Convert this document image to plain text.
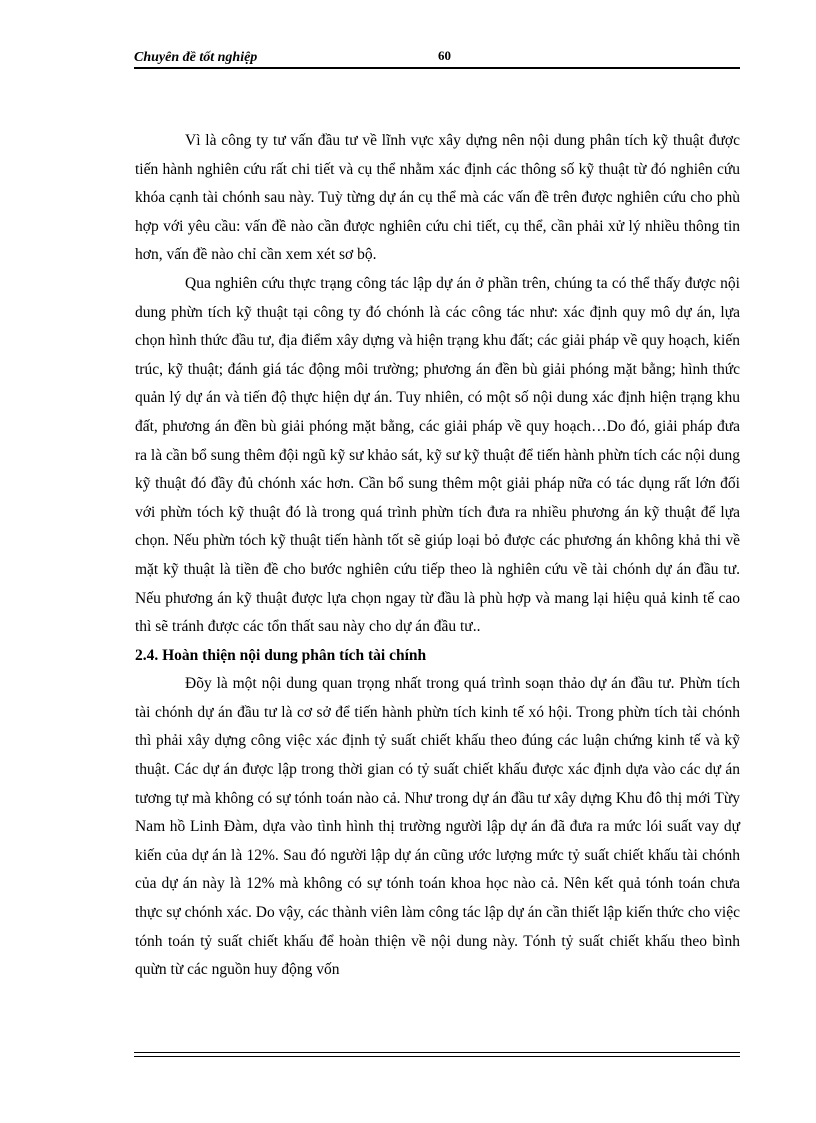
Chuyên đề tốt nghiệp	60

Vì là công ty tư vấn đầu tư về lĩnh vực xây dựng nên nội dung phân tích kỹ thuật được tiến hành nghiên cứu rất chi tiết và cụ thể nhằm xác định các thông số kỹ thuật từ đó nghiên cứu khóa cạnh tài chónh sau này. Tuỳ từng dự án cụ thể mà các vấn đề trên được nghiên cứu cho phù hợp với yêu cầu: vấn đề nào cần được nghiên cứu chi tiết, cụ thể, cần phải xử lý nhiều thông tin hơn, vấn đề nào chỉ cần xem xét sơ bộ.

Qua nghiên cứu thực trạng công tác lập dự án ở phần trên, chúng ta có thể thấy được nội dung phừn tích kỹ thuật tại công ty đó chónh là các công tác như: xác định quy mô dự án, lựa chọn hình thức đầu tư, địa điểm xây dựng và hiện trạng khu đất; các giải pháp về quy hoạch, kiến trúc, kỹ thuật; đánh giá tác động môi trường; phương án đền bù giải phóng mặt bằng; hình thức quản lý dự án và tiến độ thực hiện dự án. Tuy nhiên, có một số nội dung xác định hiện trạng khu đất, phương án đền bù giải phóng mặt bằng, các giải pháp về quy hoạch…Do đó, giải pháp đưa ra là cần bổ sung thêm đội ngũ kỹ sư khảo sát, kỹ sư kỹ thuật để tiến hành phừn tích các nội dung kỹ thuật đó đầy đủ chónh xác hơn. Cần bổ sung thêm một giải pháp nữa có tác dụng rất lớn đối với phừn tóch kỹ thuật đó là trong quá trình phừn tích đưa ra nhiều phương án kỹ thuật để lựa chọn. Nếu phừn tóch kỹ thuật tiến hành tốt sẽ giúp loại bỏ được các phương án không khả thi về mặt kỹ thuật là tiền đề cho bước nghiên cứu tiếp theo là nghiên cứu về tài chónh dự án đầu tư. Nếu phương án kỹ thuật được lựa chọn ngay từ đầu là phù hợp và mang lại hiệu quả kinh tế cao thì sẽ tránh được các tổn thất sau này cho dự án đầu tư..

2.4. Hoàn thiện nội dung phân tích tài chính

Đõy là một nội dung quan trọng nhất trong quá trình soạn thảo dự án đầu tư. Phừn tích tài chónh dự án đầu tư là cơ sở để tiến hành phừn tích kinh tế xó hội. Trong phừn tích tài chónh thì phải xây dựng công việc xác định tỷ suất chiết khấu theo đúng các luận chứng kinh tế và kỹ thuật. Các dự án được lập trong thời gian có tỷ suất chiết khấu được xác định dựa vào các dự án tương tự mà không có sự tónh toán nào cả. Như trong dự án đầu tư xây dựng Khu đô thị mới Từy Nam hồ Linh Đàm, dựa vào tình hình thị trường người lập dự án đã đưa ra mức lói suất vay dự kiến của dự án là 12%. Sau đó người lập dự án cũng ước lượng mức tỷ suất chiết khấu tài chónh của dự án này là 12% mà không có sự tónh toán khoa học nào cả. Nên kết quả tónh toán chưa thực sự chónh xác. Do vậy, các thành viên làm công tác lập dự án cần thiết lập kiến thức cho việc tónh toán tỷ suất chiết khấu để hoàn thiện về nội dung này. Tónh tỷ suất chiết khấu theo bình quừn từ các nguồn huy động vốn
